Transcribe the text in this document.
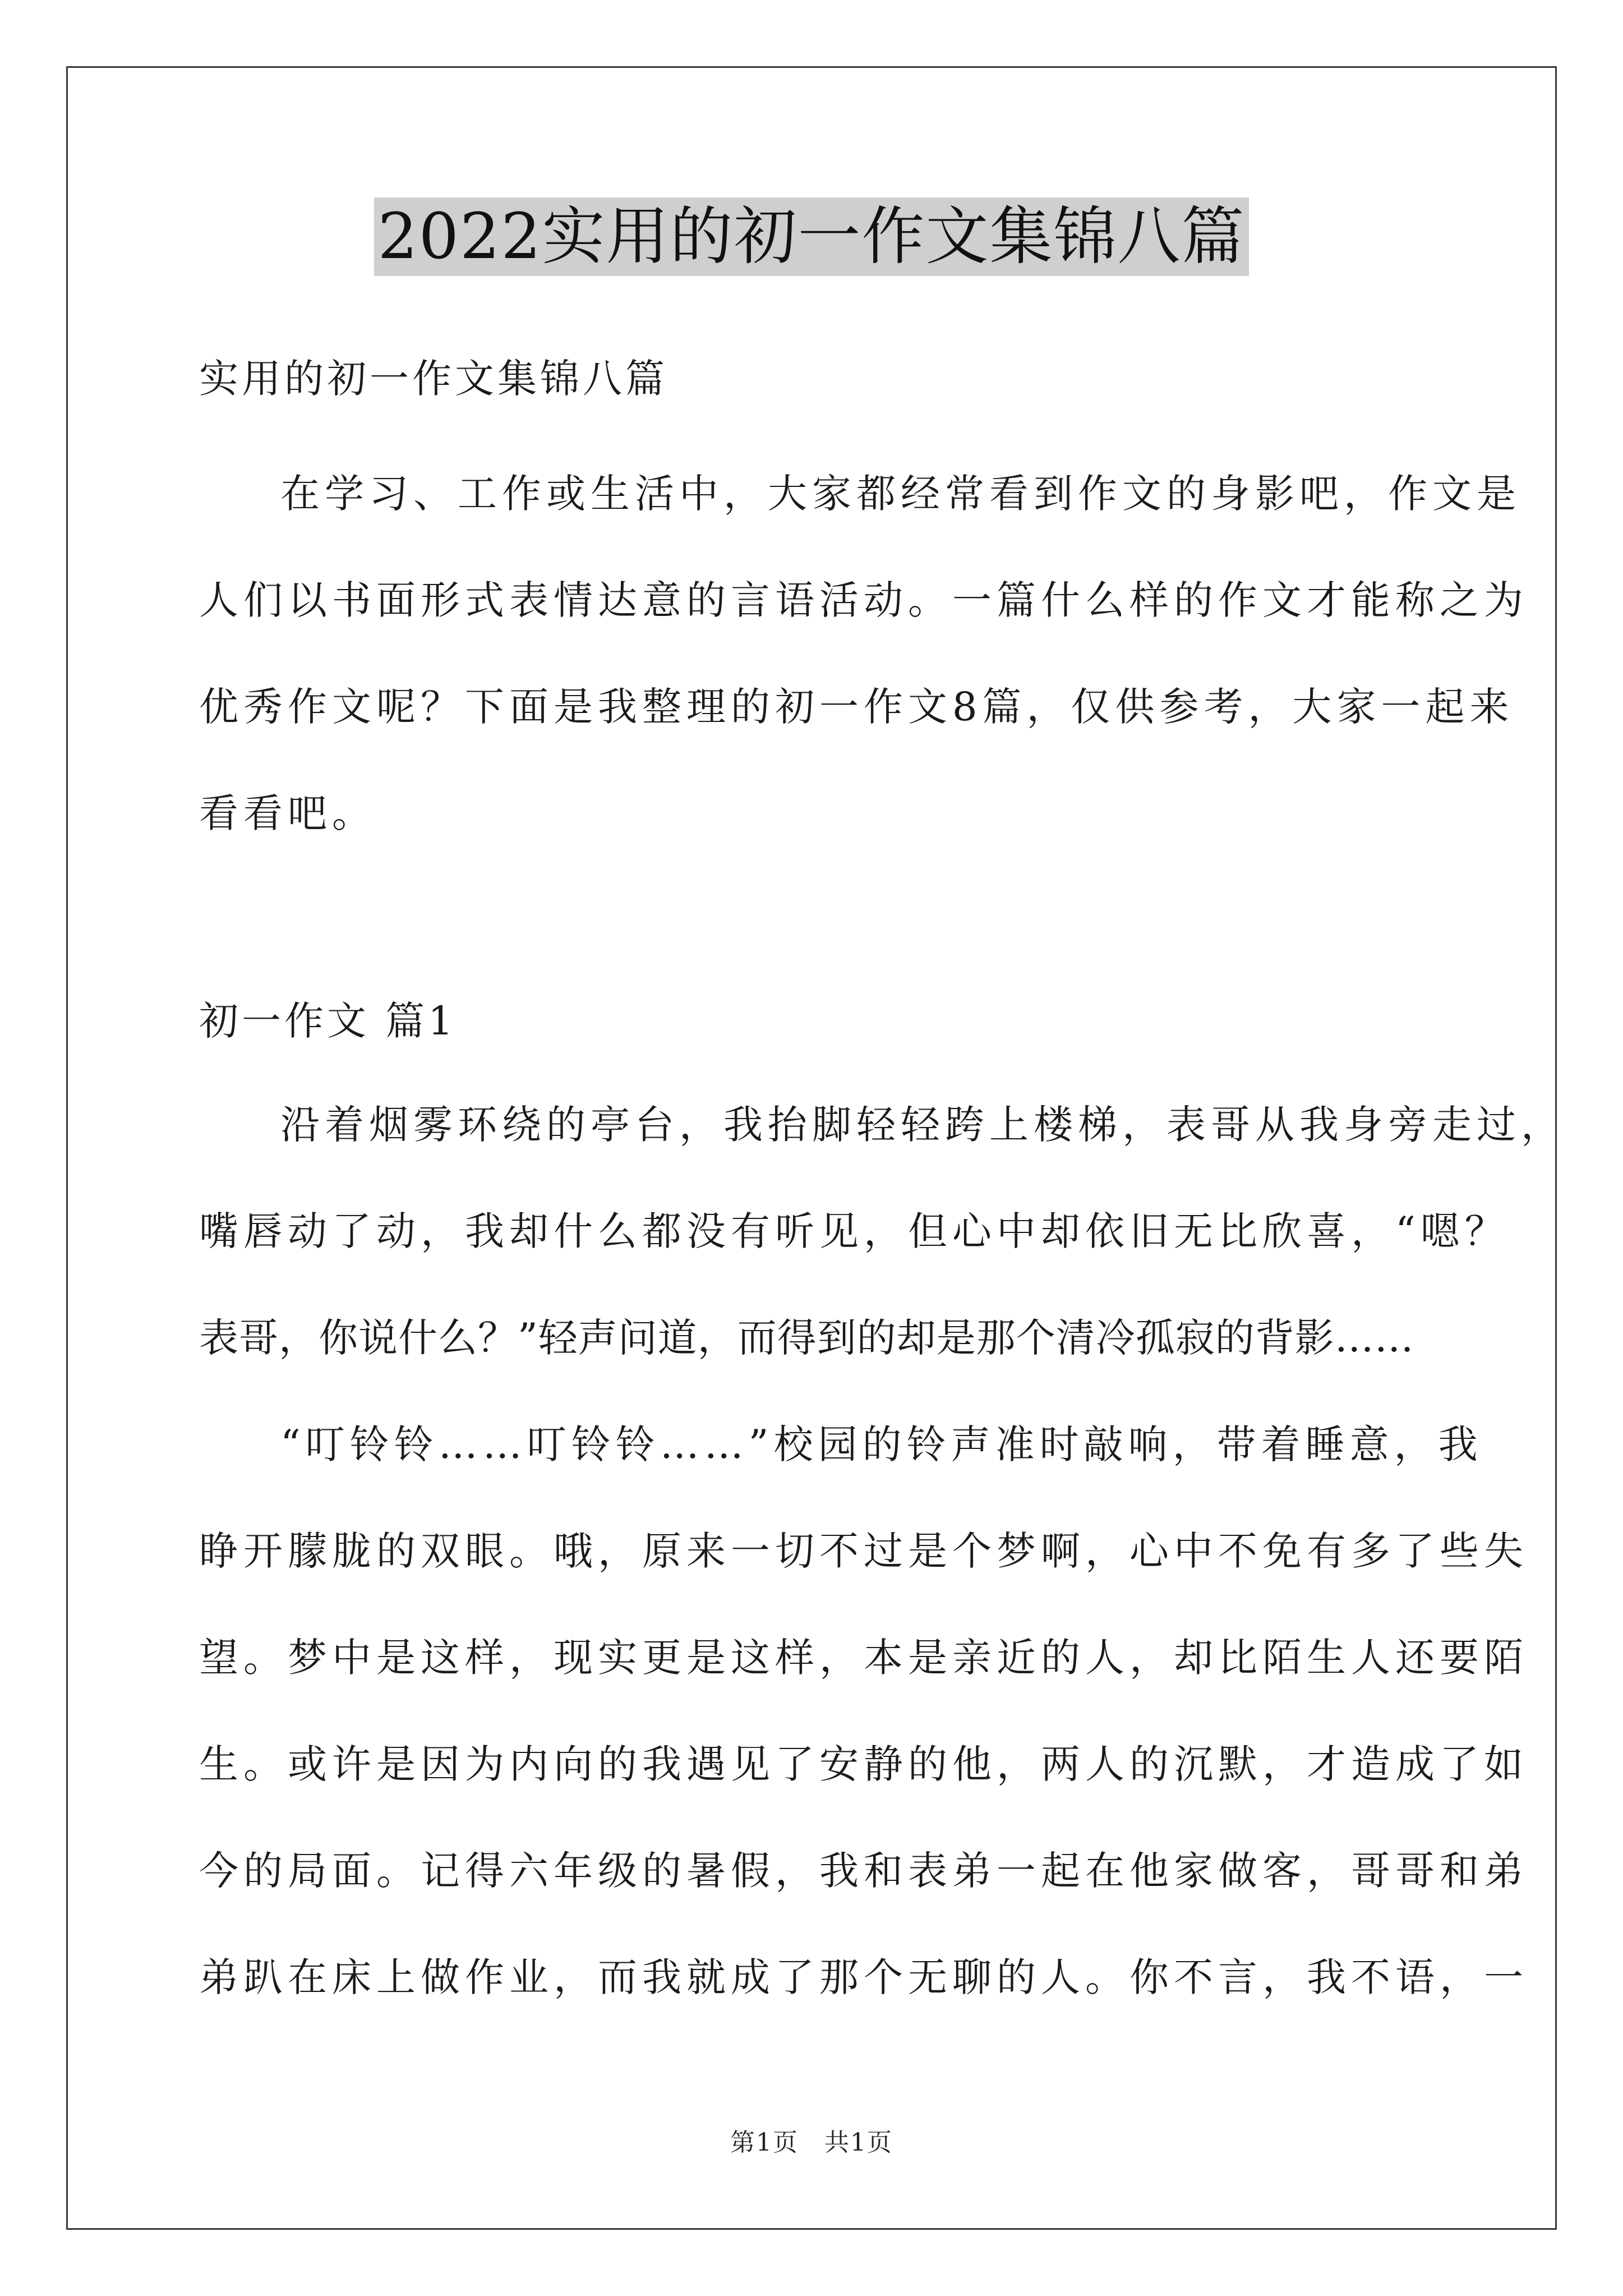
2022实用的初一作文集锦八篇
实用的初一作文集锦八篇
在学习、工作或生活中，大家都经常看到作文的身影吧，作文是
人们以书面形式表情达意的言语活动。一篇什么样的作文才能称之为
优秀作文呢？下面是我整理的初一作文8篇，仅供参考，大家一起来
看看吧。
初一作文 篇1
沿着烟雾环绕的亭台，我抬脚轻轻跨上楼梯，表哥从我身旁走过，
嘴唇动了动，我却什么都没有听见，但心中却依旧无比欣喜，“嗯？
表哥，你说什么？”轻声问道，而得到的却是那个清冷孤寂的背影……
“叮铃铃……叮铃铃……”校园的铃声准时敲响，带着睡意，我
睁开朦胧的双眼。哦，原来一切不过是个梦啊，心中不免有多了些失
望。梦中是这样，现实更是这样，本是亲近的人，却比陌生人还要陌
生。或许是因为内向的我遇见了安静的他，两人的沉默，才造成了如
今的局面。记得六年级的暑假，我和表弟一起在他家做客，哥哥和弟
弟趴在床上做作业，而我就成了那个无聊的人。你不言，我不语，一
第1页　共1页
